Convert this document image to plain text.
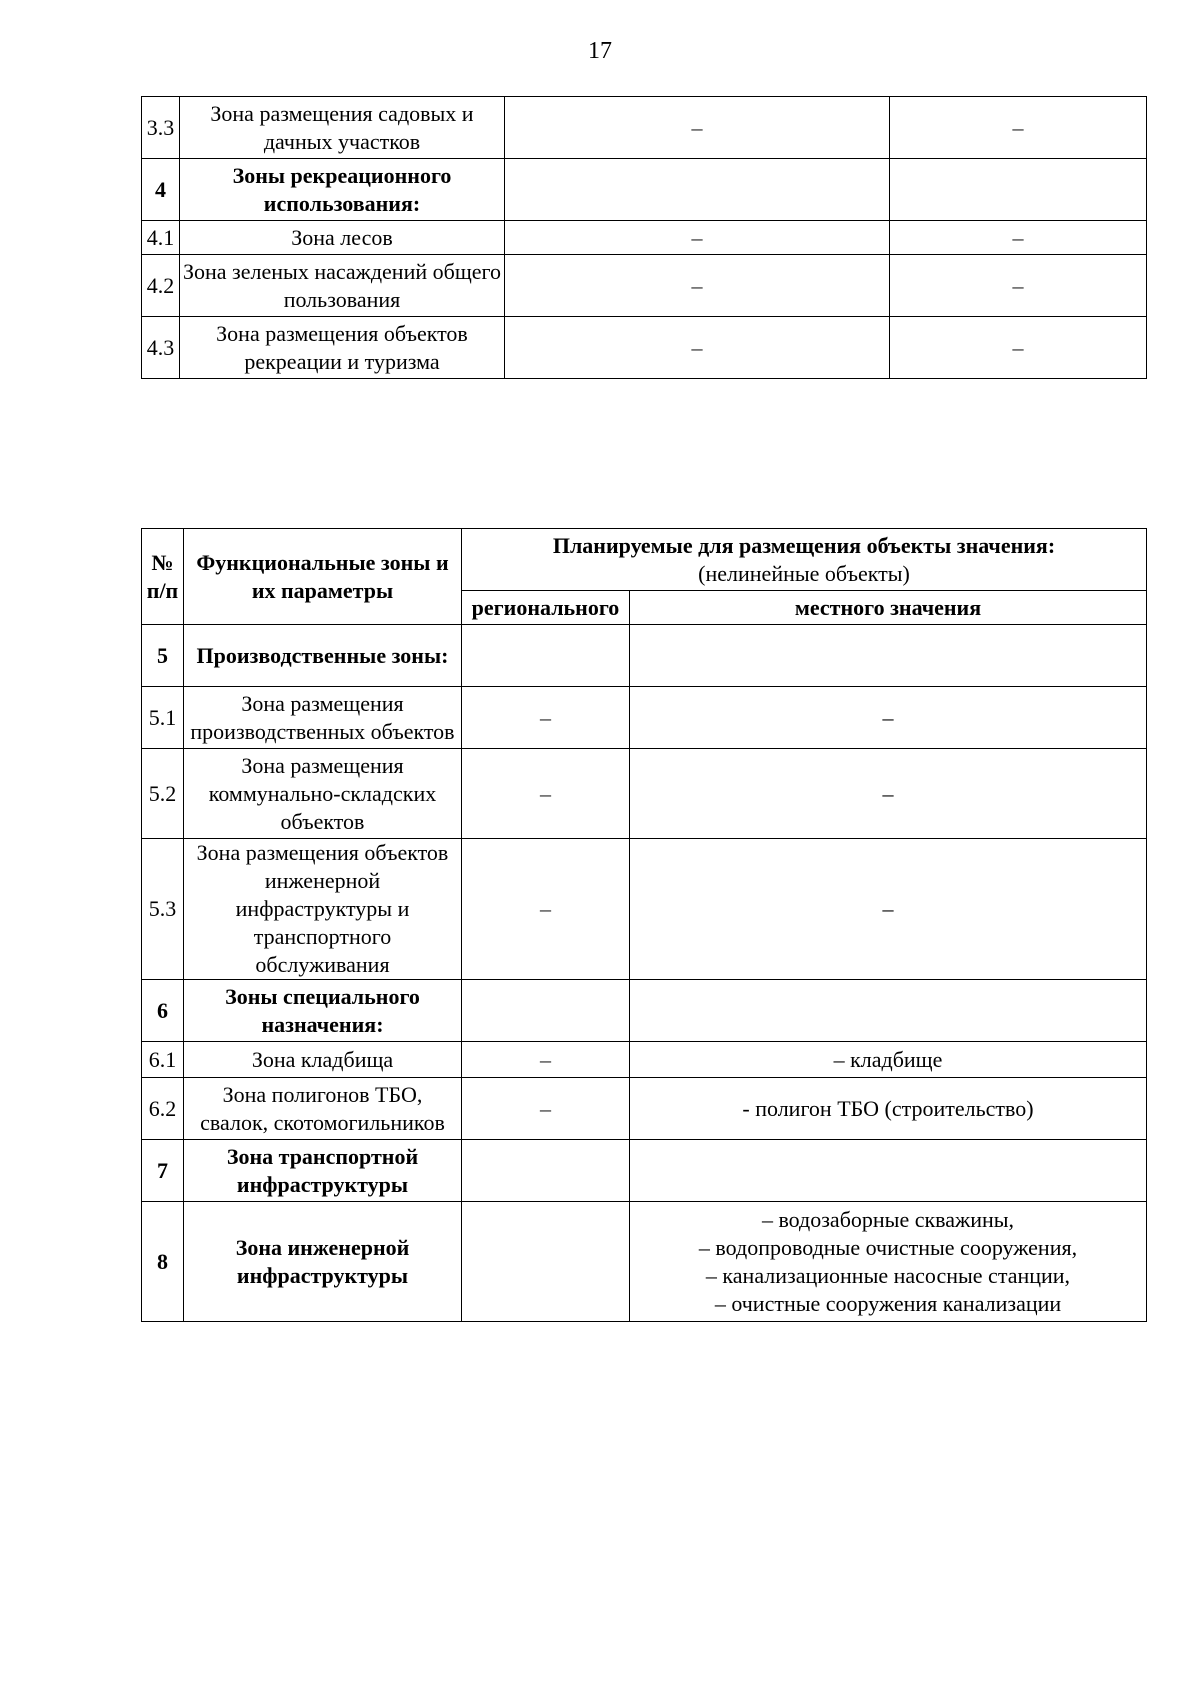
17
3.3	Зона размещения садовых и дачных участков	–	–
4	Зоны рекреационного использования:		
4.1	Зона лесов	–	–
4.2	Зона зеленых насаждений общего пользования	–	–
4.3	Зона размещения объектов рекреации и туризма	–	–
№ п/п	Функциональные зоны и их параметры	Планируемые для размещения объекты значения:
(нелинейные объекты)	

		регионального	местного значения
5	Производственные зоны:		
5.1	Зона размещения производственных объектов	–	–

5.2	Зона размещения коммунально-складских объектов	–	–

5.3	Зона размещения объектов инженерной инфраструктуры и транспортного обслуживания	–	–

6	Зоны специального назначения:		
6.1	Зона кладбища	–	– кладбище

6.2	Зона полигонов ТБО, свалок, скотомогильников	–	- полигон ТБО (строительство)

7	Зона транспортной инфраструктуры		
8	Зона инженерной инфраструктуры		– водозаборные скважины,
– водопроводные очистные сооружения,
– канализационные насосные станции,
– очистные сооружения канализации
